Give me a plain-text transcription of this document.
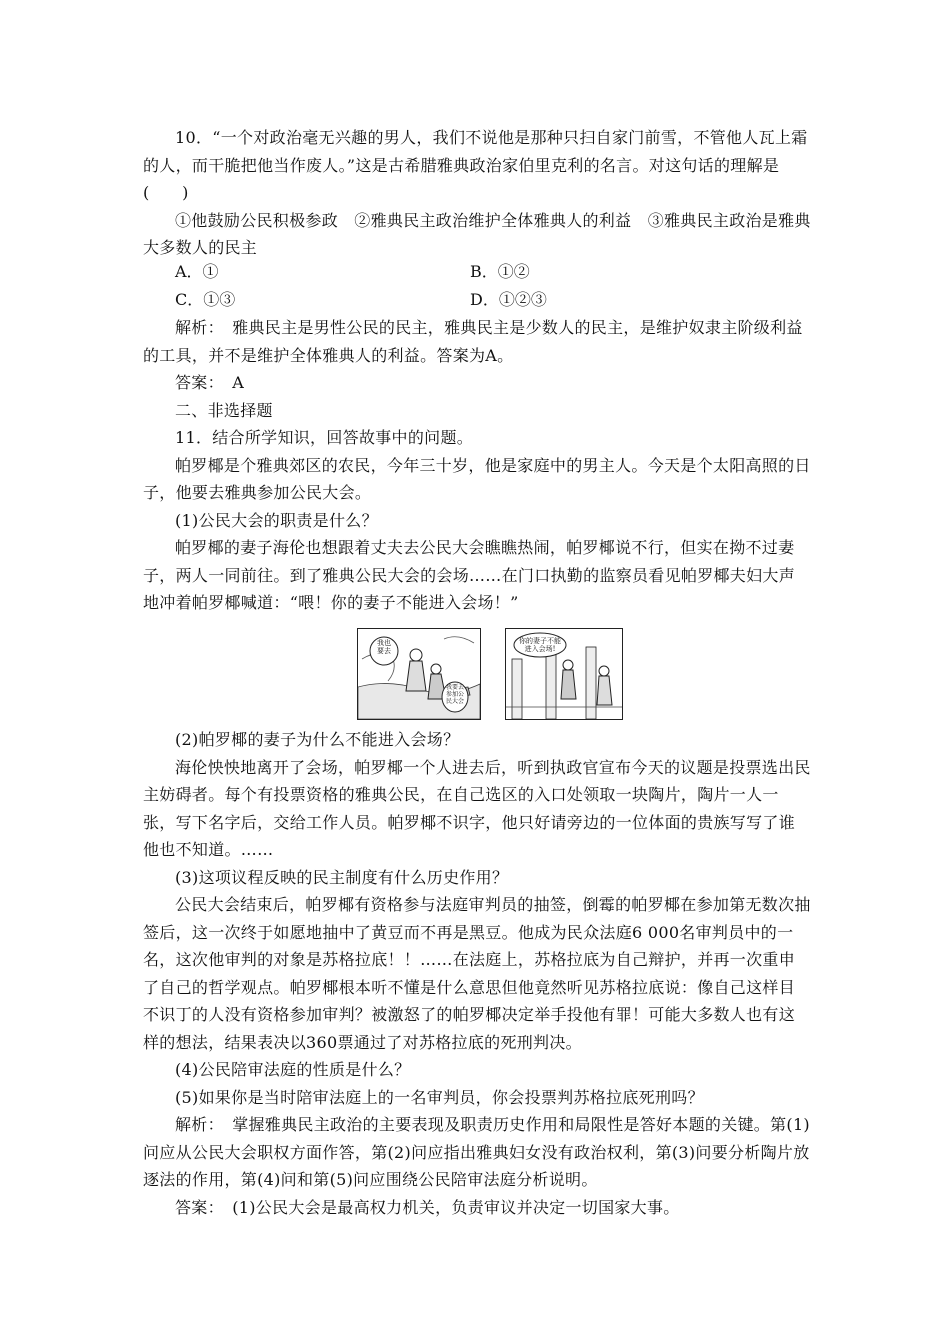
10．“一个对政治毫无兴趣的男人，我们不说他是那种只扫自家门前雪，不管他人瓦上霜的人，而干脆把他当作废人。”这是古希腊雅典政治家伯里克利的名言。对这句话的理解是(　　)

①他鼓励公民积极参政　②雅典民主政治维护全体雅典人的利益　③雅典民主政治是雅典大多数人的民主

A．①	B．①②
C．①③	D．①②③

解析：　雅典民主是男性公民的民主，雅典民主是少数人的民主，是维护奴隶主阶级利益的工具，并不是维护全体雅典人的利益。答案为A。

答案：　A

二、非选择题

11．结合所学知识，回答故事中的问题。

帕罗椰是个雅典郊区的农民，今年三十岁，他是家庭中的男主人。今天是个太阳高照的日子，他要去雅典参加公民大会。

(1)公民大会的职责是什么？

帕罗椰的妻子海伦也想跟着丈夫去公民大会瞧瞧热闹，帕罗椰说不行，但实在拗不过妻子，两人一同前往。到了雅典公民大会的会场……在门口执勤的监察员看见帕罗椰夫妇大声地冲着帕罗椰喊道：“喂！你的妻子不能进入会场！”

我也要去
我要去参加公民大会
你的妻子不能进入会场!

(2)帕罗椰的妻子为什么不能进入会场？

海伦怏怏地离开了会场，帕罗椰一个人进去后，听到执政官宣布今天的议题是投票选出民主妨碍者。每个有投票资格的雅典公民，在自己选区的入口处领取一块陶片，陶片一人一张，写下名字后，交给工作人员。帕罗椰不识字，他只好请旁边的一位体面的贵族写写了谁他也不知道。……

(3)这项议程反映的民主制度有什么历史作用？

公民大会结束后，帕罗椰有资格参与法庭审判员的抽签，倒霉的帕罗椰在参加第无数次抽签后，这一次终于如愿地抽中了黄豆而不再是黑豆。他成为民众法庭6 000名审判员中的一名，这次他审判的对象是苏格拉底！！……在法庭上，苏格拉底为自己辩护，并再一次重申了自己的哲学观点。帕罗椰根本听不懂是什么意思但他竟然听见苏格拉底说：像自己这样目不识丁的人没有资格参加审判？被激怒了的帕罗椰决定举手投他有罪！可能大多数人也有这样的想法，结果表决以360票通过了对苏格拉底的死刑判决。

(4)公民陪审法庭的性质是什么？

(5)如果你是当时陪审法庭上的一名审判员，你会投票判苏格拉底死刑吗？

解析：　掌握雅典民主政治的主要表现及职责历史作用和局限性是答好本题的关键。第(1)问应从公民大会职权方面作答，第(2)问应指出雅典妇女没有政治权利，第(3)问要分析陶片放逐法的作用，第(4)问和第(5)问应围绕公民陪审法庭分析说明。

答案：　(1)公民大会是最高权力机关，负责审议并决定一切国家大事。
